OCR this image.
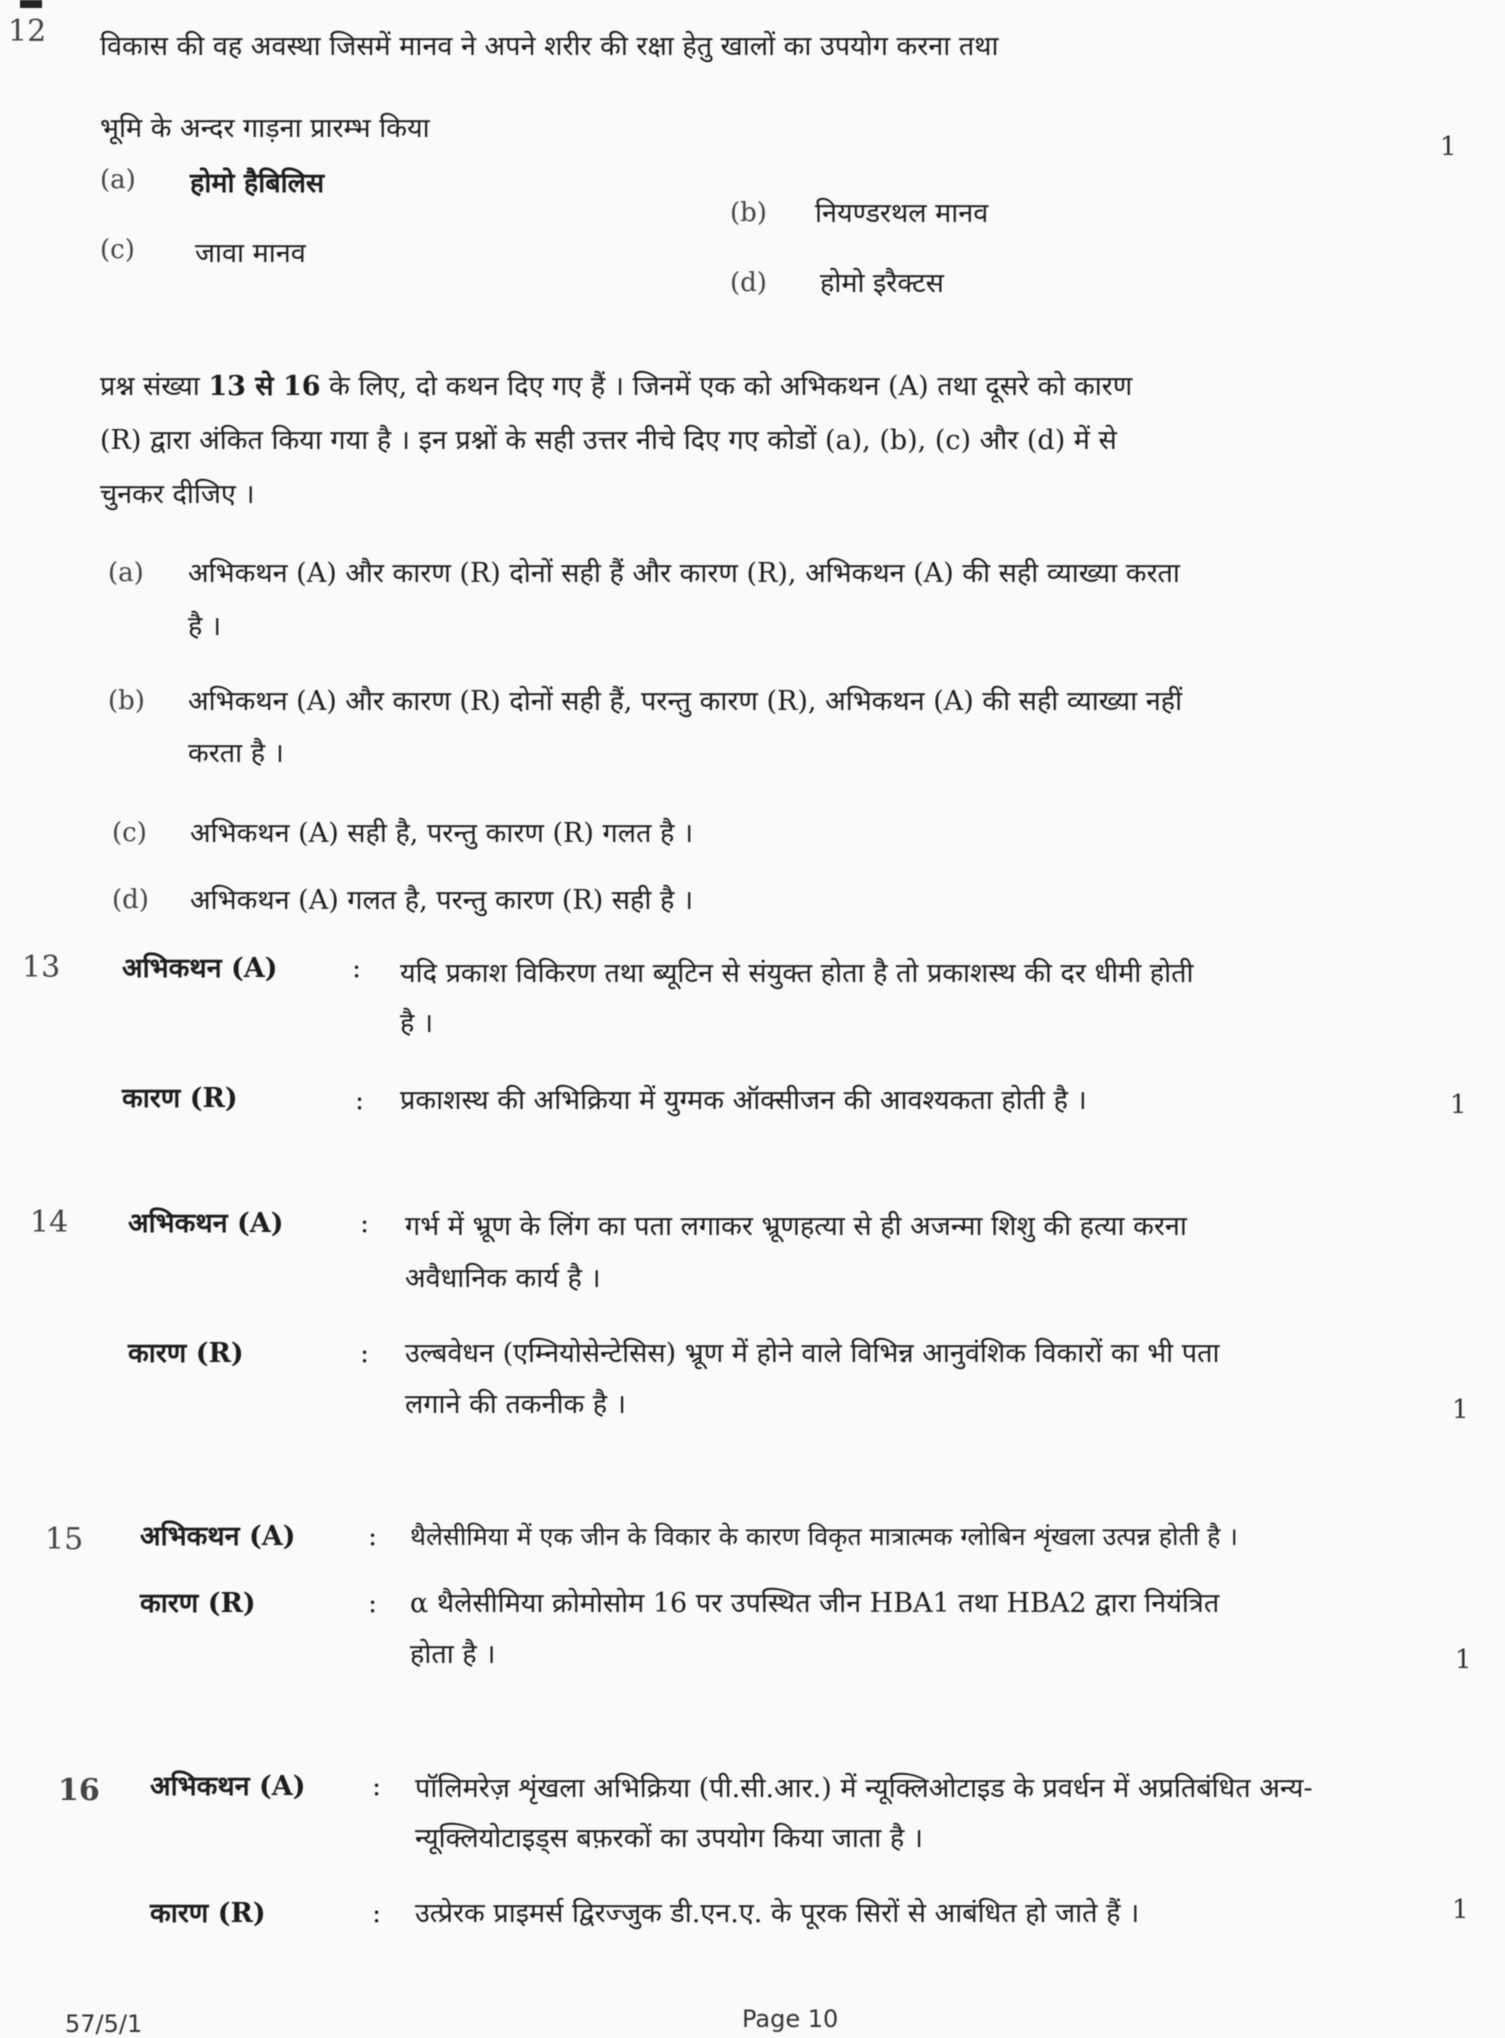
12 विकास की वह अवस्था जिसमें मानव ने अपने शरीर की रक्षा हेतु खालों का उपयोग करना तथा
भूमि के अन्दर गाड़ना प्रारम्भ किया
1
(a) होमो हैबिलिस
(b) नियण्डरथल मानव
(c) जावा मानव
(d) होमो इरैक्टस
प्रश्न संख्या 13 से 16 के लिए, दो कथन दिए गए हैं । जिनमें एक को अभिकथन (A) तथा दूसरे को कारण
(R) द्वारा अंकित किया गया है । इन प्रश्नों के सही उत्तर नीचे दिए गए कोडों (a), (b), (c) और (d) में से
चुनकर दीजिए ।
(a) अभिकथन (A) और कारण (R) दोनों सही हैं और कारण (R), अभिकथन (A) की सही व्याख्या करता
है ।
(b) अभिकथन (A) और कारण (R) दोनों सही हैं, परन्तु कारण (R), अभिकथन (A) की सही व्याख्या नहीं
करता है ।
(c) अभिकथन (A) सही है, परन्तु कारण (R) गलत है ।
(d) अभिकथन (A) गलत है, परन्तु कारण (R) सही है ।
13 अभिकथन (A)	: यदि प्रकाश विकिरण तथा ब्यूटिन से संयुक्त होता है तो प्रकाशस्थ की दर धीमी होती
है ।
कारण (R)	: प्रकाशस्थ की अभिक्रिया में युग्मक ऑक्सीजन की आवश्यकता होती है ।	1
14 अभिकथन (A)	: गर्भ में भ्रूण के लिंग का पता लगाकर भ्रूणहत्या से ही अजन्मा शिशु की हत्या करना
अवैधानिक कार्य है ।
कारण (R)	: उल्बवेधन (एम्नियोसेन्टेसिस) भ्रूण में होने वाले विभिन्न आनुवंशिक विकारों का भी पता
लगाने की तकनीक है ।	1
15 अभिकथन (A)	: थैलेसीमिया में एक जीन के विकार के कारण विकृत मात्रात्मक ग्लोबिन शृंखला उत्पन्न होती है ।
कारण (R)	: α थैलेसीमिया क्रोमोसोम 16 पर उपस्थित जीन HBA1 तथा HBA2 द्वारा नियंत्रित
होता है ।	1
16 अभिकथन (A) : पॉलिमरेज़ शृंखला अभिक्रिया (पी.सी.आर.) में न्यूक्लिओटाइड के प्रवर्धन में अप्रतिबंधित अन्य-
न्यूक्लियोटाइड्स बफ़रकों का उपयोग किया जाता है ।
कारण (R)	: उत्प्रेरक प्राइमर्स द्विरज्जुक डी.एन.ए. के पूरक सिरों से आबंधित हो जाते हैं ।	1
57/5/1	Page 10
